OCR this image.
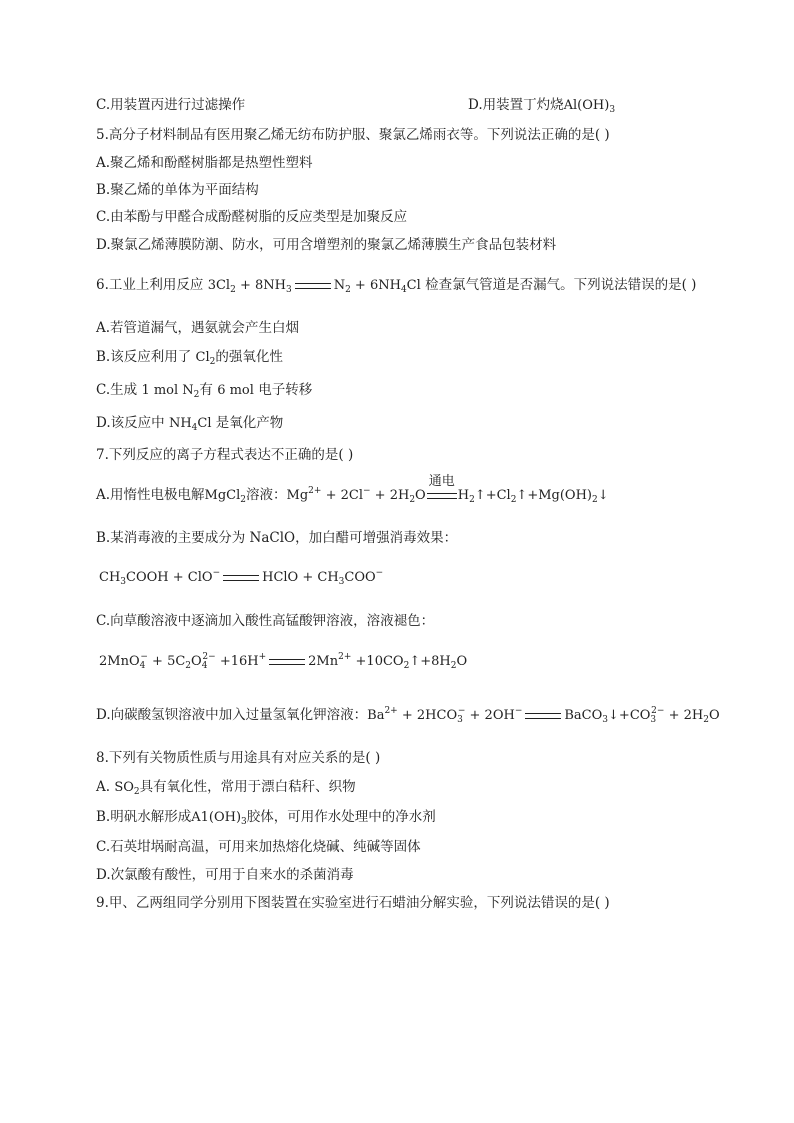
C.用装置丙进行过滤操作	D.用装置丁灼烧$Al(OH)_3$
5.高分子材料制品有医用聚乙烯无纺布防护服、聚氯乙烯雨衣等。下列说法正确的是( )
A.聚乙烯和酚醛树脂都是热塑性塑料
B.聚乙烯的单体为平面结构
C.由苯酚与甲醛合成酚醛树脂的反应类型是加聚反应
D.聚氯乙烯薄膜防潮、防水，可用含增塑剂的聚氯乙烯薄膜生产食品包装材料
6.工业上利用反应 $3Cl_2 + 8NH_3$	$N_2 + 6NH_4Cl$ 检查氯气管道是否漏气。下列说法错误的是( )
A.若管道漏气，遇氨就会产生白烟
B.该反应利用了 $Cl_2$的强氧化性
C.生成 1 mol $N_2$有 6 mol 电子转移
D.该反应中 $NH_4Cl$ 是氧化产物
7.下列反应的离子方程式表达不正确的是( )
A.用惰性电极电解MgCl$_2$溶液：$Mg^{2+} + 2Cl^- + 2H_2O$
通电
$H_2↑+Cl_2↑+Mg(OH)_2↓$
B.某消毒液的主要成分为 NaClO，加白醋可增强消毒效果：
$CH_3COOH + ClO^-$	HClO + $CH_3COO^-$
C.向草酸溶液中逐滴加入酸性高锰酸钾溶液，溶液褪色：
$2MnO_4^- + 5C_2O_4^{2-} +16H^+$	$2Mn^{2+}$ $+10CO_2↑+8H_2O$
D.向碳酸氢钡溶液中加入过量氢氧化钾溶液：$Ba^{2+} + 2HCO_3^- + 2OH^-$	$BaCO_3↓+CO_3^{2-} + 2H_2O$
8.下列有关物质性质与用途具有对应关系的是( )
A. $SO_2$具有氧化性，常用于漂白秸秆、织物
B.明矾水解形成$A1(OH)_3$胶体，可用作水处理中的净水剂
C.石英坩埚耐高温，可用来加热熔化烧碱、纯碱等固体
D.次氯酸有酸性，可用于自来水的杀菌消毒
9.甲、乙两组同学分别用下图装置在实验室进行石蜡油分解实验，下列说法错误的是( )
